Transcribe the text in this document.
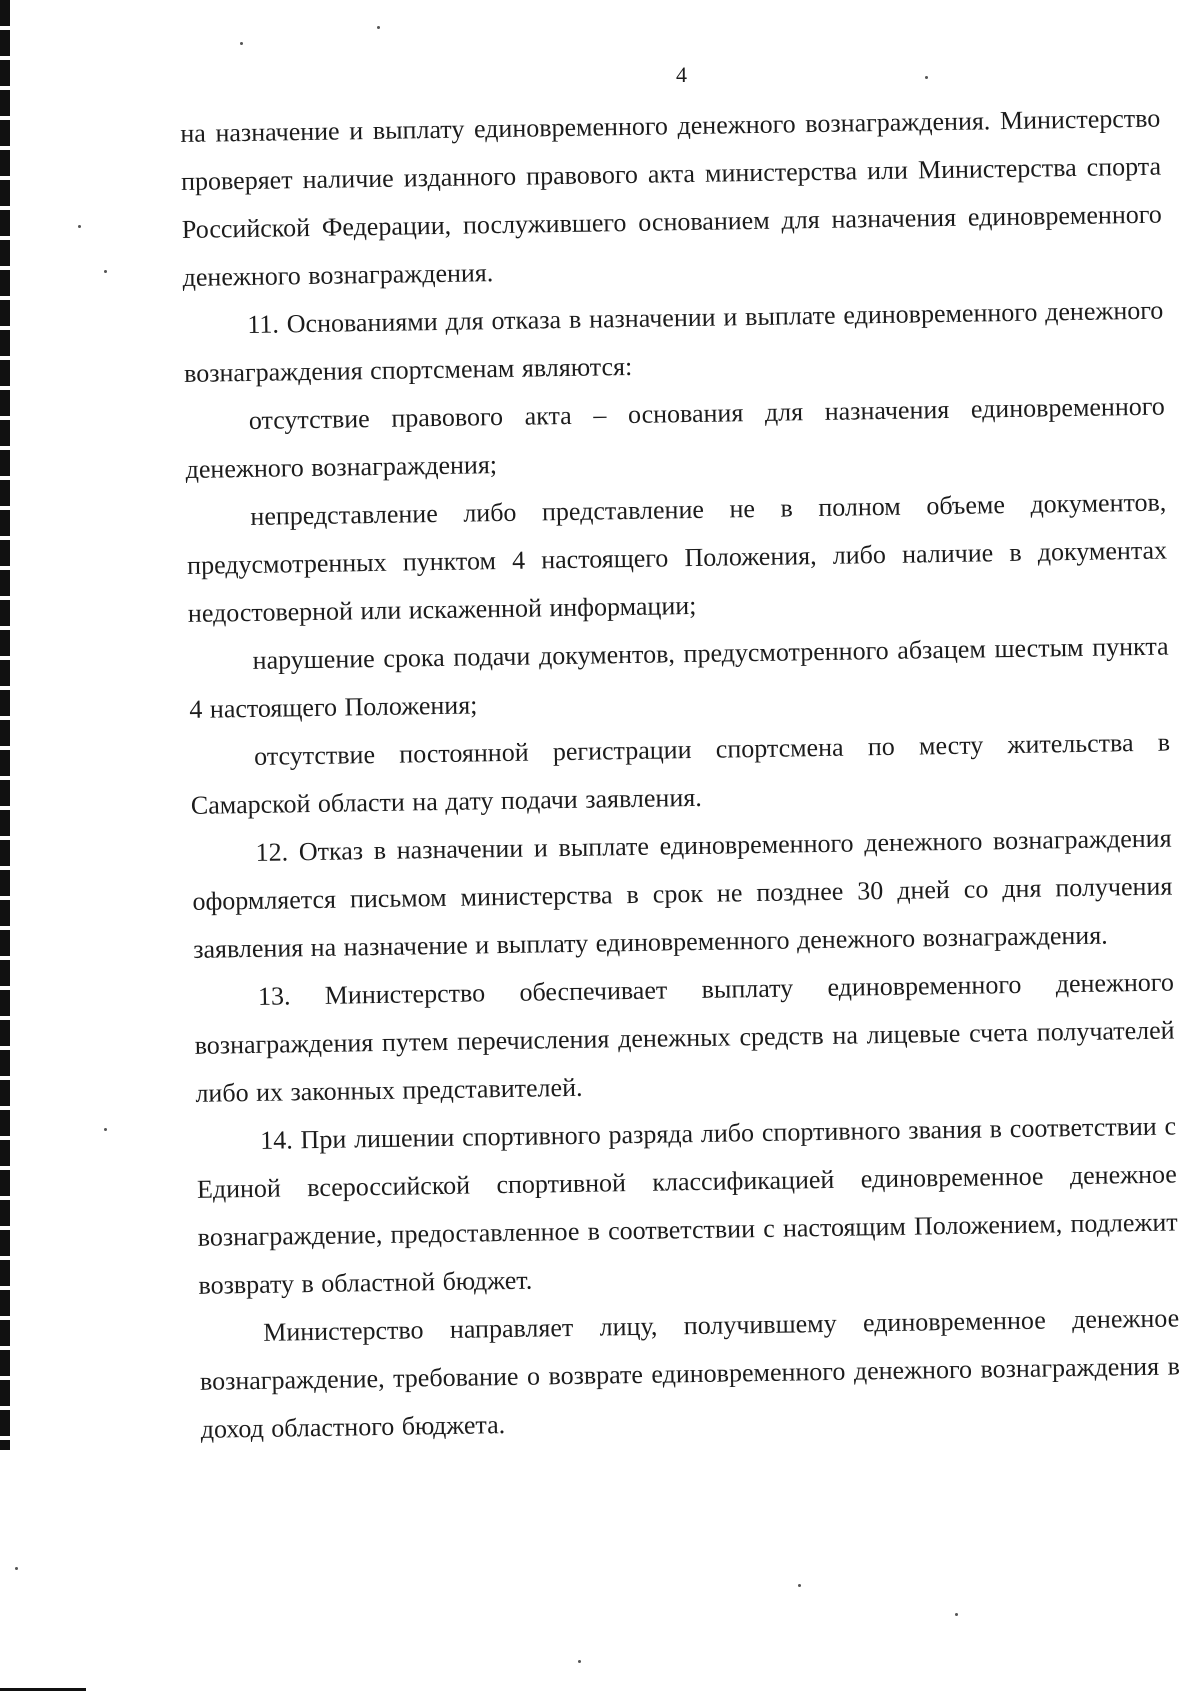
4

на назначение и выплату единовременного денежного вознаграждения. Министерство проверяет наличие изданного правового акта министерства или Министерства спорта Российской Федерации, послужившего основанием для назначения единовременного денежного вознаграждения.

11. Основаниями для отказа в назначении и выплате единовременного денежного вознаграждения спортсменам являются:

отсутствие правового акта – основания для назначения единовременного денежного вознаграждения;

непредставление либо представление не в полном объеме документов, предусмотренных пунктом 4 настоящего Положения, либо наличие в документах недостоверной или искаженной информации;

нарушение срока подачи документов, предусмотренного абзацем шестым пункта 4 настоящего Положения;

отсутствие постоянной регистрации спортсмена по месту жительства в Самарской области на дату подачи заявления.

12. Отказ в назначении и выплате единовременного денежного вознаграждения оформляется письмом министерства в срок не позднее 30 дней со дня получения заявления на назначение и выплату единовременного денежного вознаграждения.

13. Министерство обеспечивает выплату единовременного денежного вознаграждения путем перечисления денежных средств на лицевые счета получателей либо их законных представителей.

14. При лишении спортивного разряда либо спортивного звания в соответствии с Единой всероссийской спортивной классификацией единовременное денежное вознаграждение, предоставленное в соответствии с настоящим Положением, подлежит возврату в областной бюджет.

Министерство направляет лицу, получившему единовременное денежное вознаграждение, требование о возврате единовременного денежного вознаграждения в доход областного бюджета.
